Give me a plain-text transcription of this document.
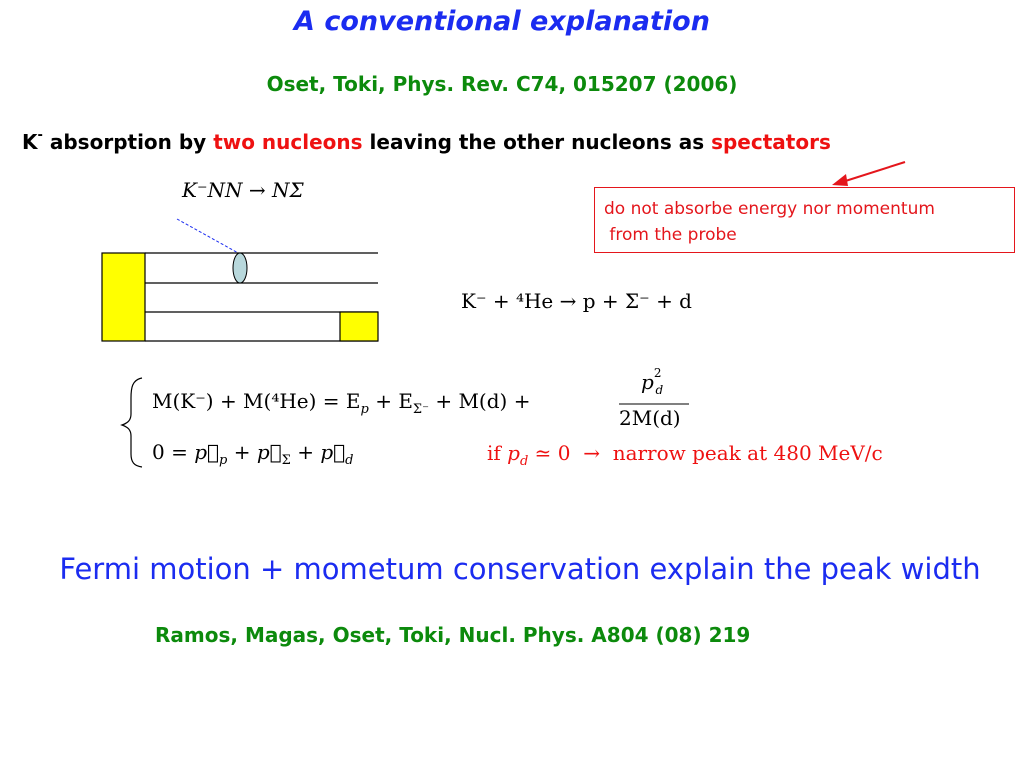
A conventional explanation
Oset, Toki, Phys. Rev. C74, 015207 (2006)
K- absorption by two nucleons leaving the other nucleons as spectators
do not absorbe energy nor momentum
from the probe
K⁻NN → NΣ
K⁻ + ⁴He → p + Σ⁻ + d
$M(K^-) + M(^4He) = E_p + E_{\Sigma^-} + M(d)$ +
$p^2_d$
2M(d)
$0 = p⃗_p$ + $p⃗_\Sigma$ + $p⃗_d$	if $p_d$ ≃ 0  →  narrow peak at 480 MeV/c
Fermi motion + mometum conservation explain the peak width
Ramos, Magas, Oset, Toki, Nucl. Phys. A804 (08) 219
